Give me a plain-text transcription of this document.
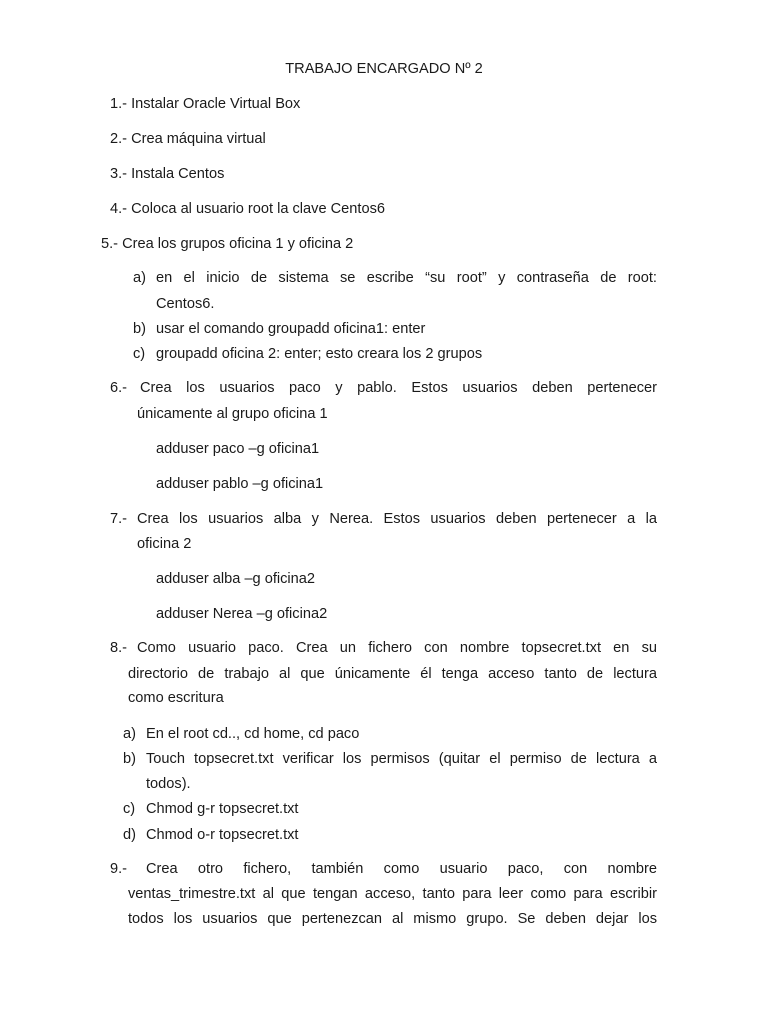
TRABAJO ENCARGADO Nº 2
1.- Instalar Oracle Virtual Box
2.- Crea máquina virtual
3.- Instala Centos
4.- Coloca al usuario root la clave Centos6
5.- Crea los grupos oficina 1 y oficina 2
a) en el inicio de sistema se escribe “su root” y contraseña de root:
Centos6.
b) usar el comando groupadd oficina1: enter
c) groupadd oficina 2: enter; esto creara los 2 grupos
6.- Crea los usuarios paco y pablo. Estos usuarios deben pertenecer
únicamente al grupo oficina 1
adduser paco –g oficina1
adduser pablo –g oficina1
7.- Crea los usuarios alba y Nerea. Estos usuarios deben pertenecer a la
oficina 2
adduser alba –g oficina2
adduser Nerea –g oficina2
8.- Como usuario paco. Crea un fichero con nombre topsecret.txt en su
directorio de trabajo al que únicamente él tenga acceso tanto de lectura
como escritura
a) En el root cd.., cd home, cd paco
b) Touch topsecret.txt verificar los permisos (quitar el permiso de lectura a
todos).
c) Chmod g-r topsecret.txt
d) Chmod o-r topsecret.txt
9.- Crea otro fichero, también como usuario paco, con nombre
ventas_trimestre.txt al que tengan acceso, tanto para leer como para escribir
todos los usuarios que pertenezcan al mismo grupo. Se deben dejar los
